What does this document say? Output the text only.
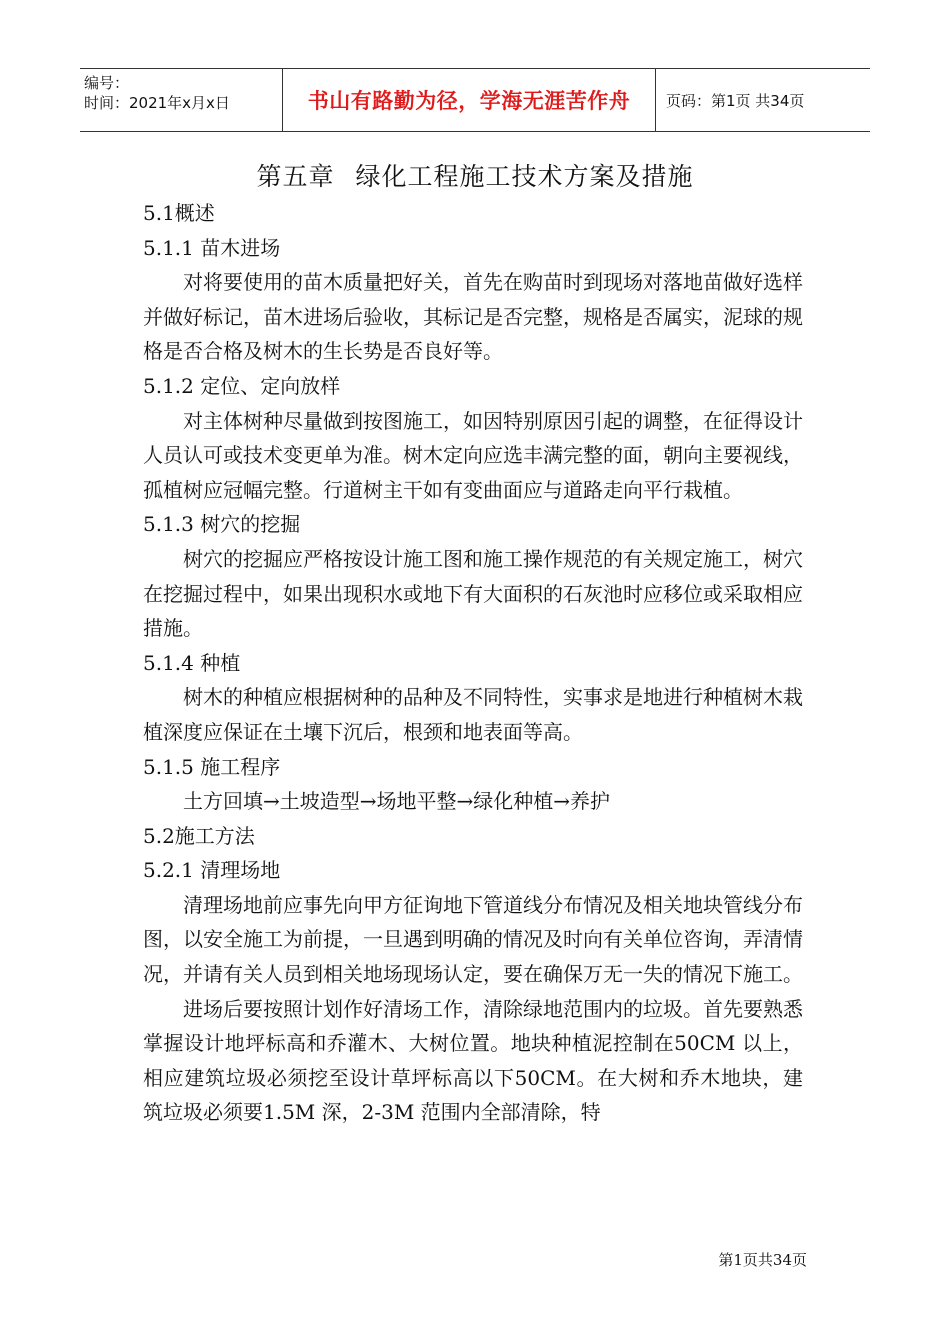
编号：
时间：2021年x月x日	书山有路勤为径，学海无涯苦作舟 页码：第1页 共34页
第五章 绿化工程施工技术方案及措施
5.1概述
5.1.1 苗木进场

对将要使用的苗木质量把好关，首先在购苗时到现场对落地苗做好选样并做好标记，苗木进场后验收，其标记是否完整，规格是否属实，泥球的规格是否合格及树木的生长势是否良好等。

5.1.2 定位、定向放样

对主体树种尽量做到按图施工，如因特别原因引起的调整，在征得设计人员认可或技术变更单为准。树木定向应选丰满完整的面，朝向主要视线，孤植树应冠幅完整。行道树主干如有变曲面应与道路走向平行栽植。

5.1.3 树穴的挖掘

树穴的挖掘应严格按设计施工图和施工操作规范的有关规定施工，树穴在挖掘过程中，如果出现积水或地下有大面积的石灰池时应移位或采取相应措施。

5.1.4 种植

树木的种植应根据树种的品种及不同特性，实事求是地进行种植树木栽植深度应保证在土壤下沉后，根颈和地表面等高。

5.1.5 施工程序

土方回填→土坡造型→场地平整→绿化种植→养护

5.2施工方法
5.2.1 清理场地

清理场地前应事先向甲方征询地下管道线分布情况及相关地块管线分布图，以安全施工为前提，一旦遇到明确的情况及时向有关单位咨询，弄清情况，并请有关人员到相关地场现场认定，要在确保万无一失的情况下施工。

进场后要按照计划作好清场工作，清除绿地范围内的垃圾。首先要熟悉掌握设计地坪标高和乔灌木、大树位置。地块种植泥控制在50CM 以上，相应建筑垃圾必须挖至设计草坪标高以下50CM。在大树和乔木地块，建筑垃圾必须要1.5M 深，2-3M 范围内全部清除，特

第1页共34页
